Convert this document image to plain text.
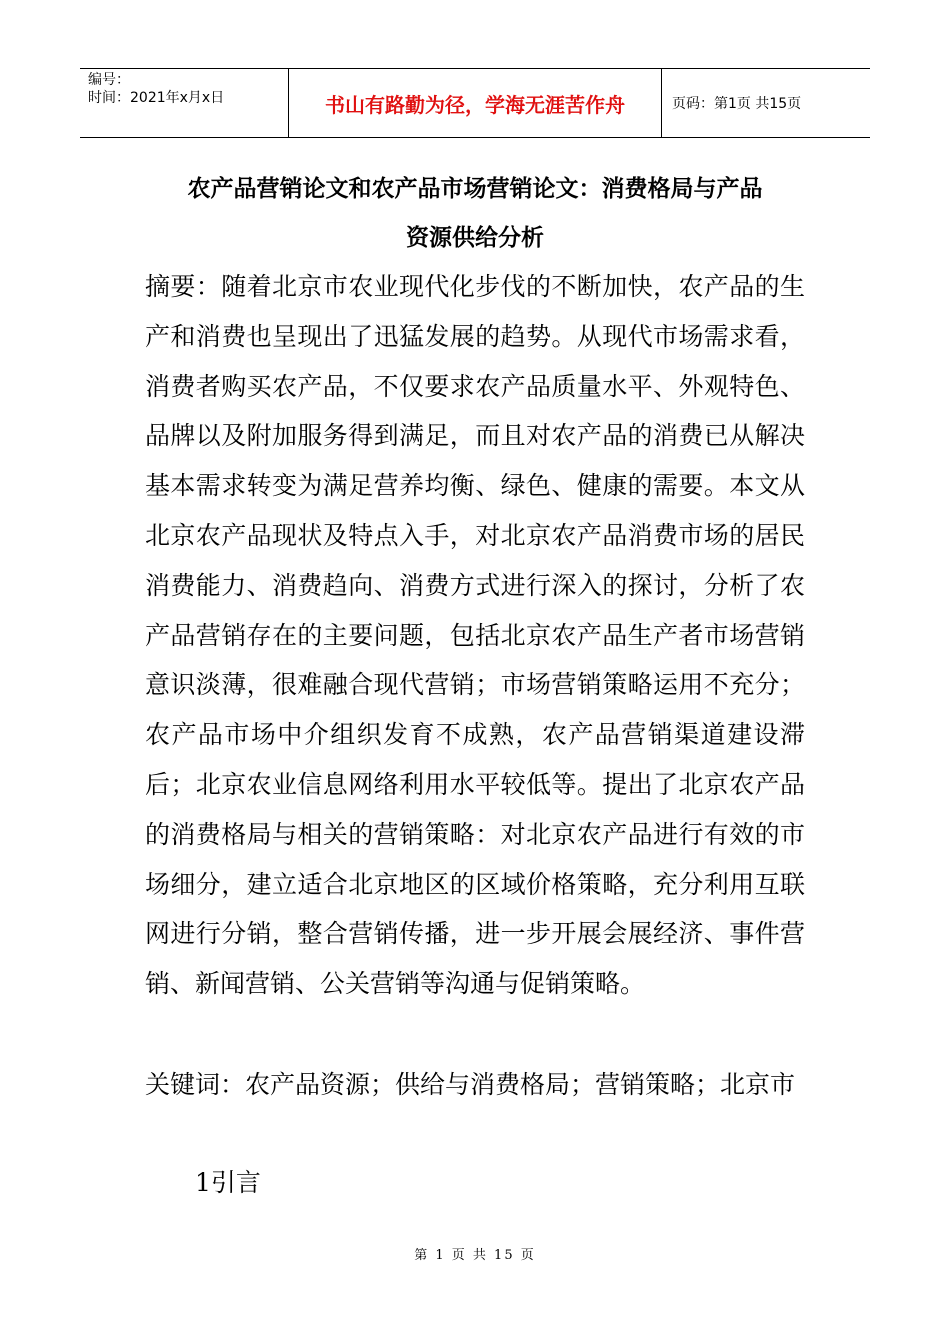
编号：
时间：2021年x月x日	书山有路勤为径，学海无涯苦作舟	页码：第1页 共15页
农产品营销论文和农产品市场营销论文：消费格局与产品
资源供给分析

摘要：随着北京市农业现代化步伐的不断加快，农产品的生产和消费也呈现出了迅猛发展的趋势。从现代市场需求看，消费者购买农产品，不仅要求农产品质量水平、外观特色、品牌以及附加服务得到满足，而且对农产品的消费已从解决基本需求转变为满足营养均衡、绿色、健康的需要。本文从北京农产品现状及特点入手，对北京农产品消费市场的居民消费能力、消费趋向、消费方式进行深入的探讨，分析了农产品营销存在的主要问题，包括北京农产品生产者市场营销意识淡薄，很难融合现代营销；市场营销策略运用不充分；农产品市场中介组织发育不成熟，农产品营销渠道建设滞后；北京农业信息网络利用水平较低等。提出了北京农产品的消费格局与相关的营销策略：对北京农产品进行有效的市场细分，建立适合北京地区的区域价格策略，充分利用互联网进行分销，整合营销传播，进一步开展会展经济、事件营销、新闻营销、公关营销等沟通与促销策略。

关键词：农产品资源；供给与消费格局；营销策略；北京市
1引言
第 1 页 共 15 页
